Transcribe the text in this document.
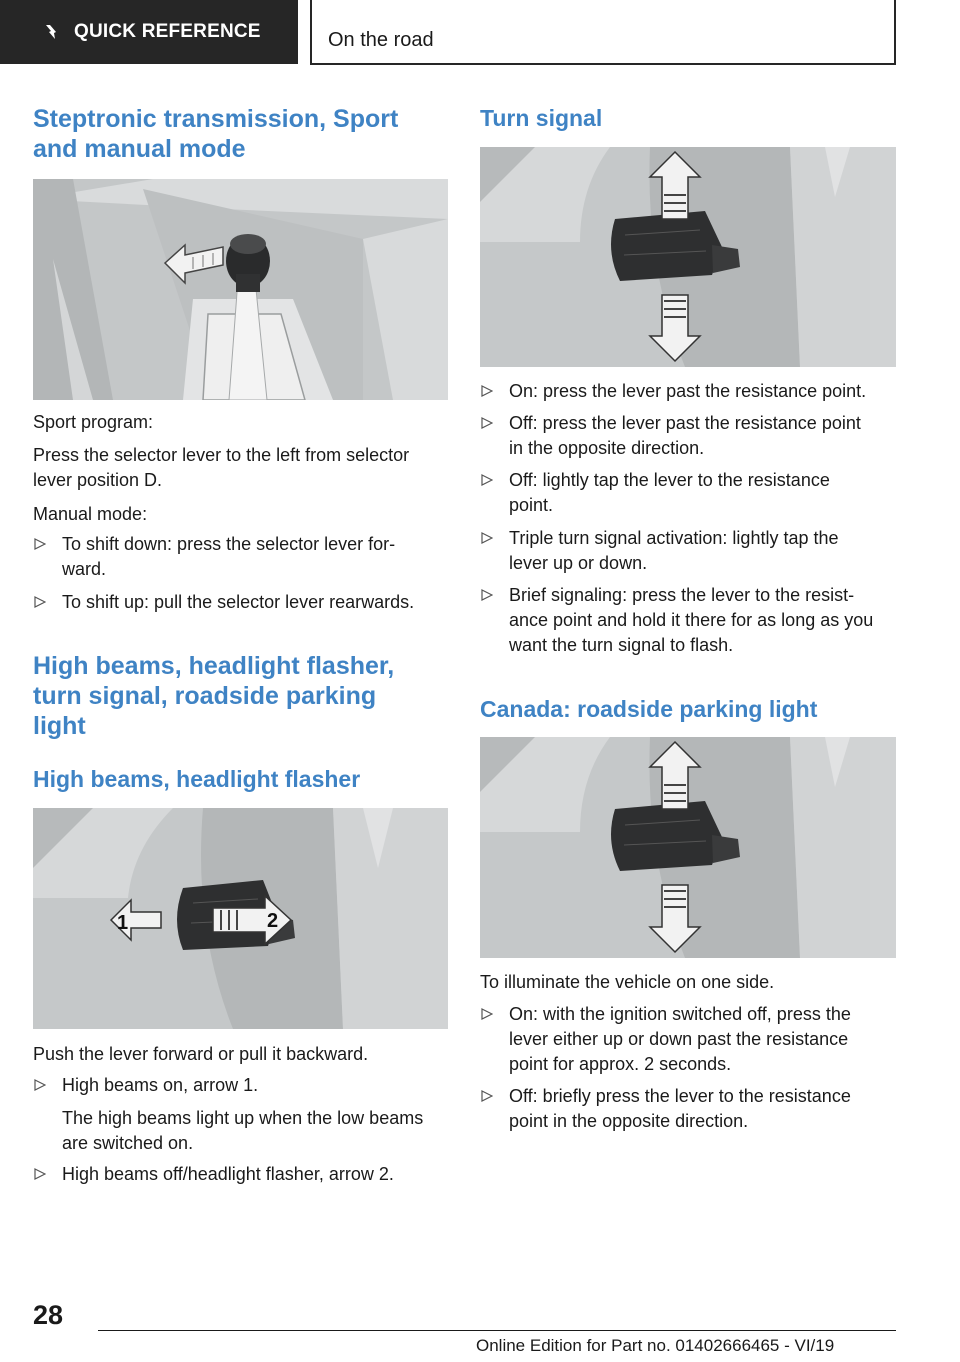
QUICK REFERENCE	On the road
Steptronic transmission, Sport
and manual mode
Sport program:
Press the selector lever to the left from selector
lever position D.
Manual mode:
To shift down: press the selector lever for-
ward.
To shift up: pull the selector lever rearwards.
High beams, headlight flasher,
turn signal, roadside parking
light
High beams, headlight flasher
1	2
Push the lever forward or pull it backward.
High beams on, arrow 1.
The high beams light up when the low beams
are switched on.
High beams off/headlight flasher, arrow 2.
Turn signal
On: press the lever past the resistance point.
Off: press the lever past the resistance point
in the opposite direction.
Off: lightly tap the lever to the resistance
point.
Triple turn signal activation: lightly tap the
lever up or down.
Brief signaling: press the lever to the resist-
ance point and hold it there for as long as you
want the turn signal to flash.
Canada: roadside parking light
To illuminate the vehicle on one side.
On: with the ignition switched off, press the
lever either up or down past the resistance
point for approx. 2 seconds.
Off: briefly press the lever to the resistance
point in the opposite direction.
28
Online Edition for Part no. 01402666465 - VI/19
